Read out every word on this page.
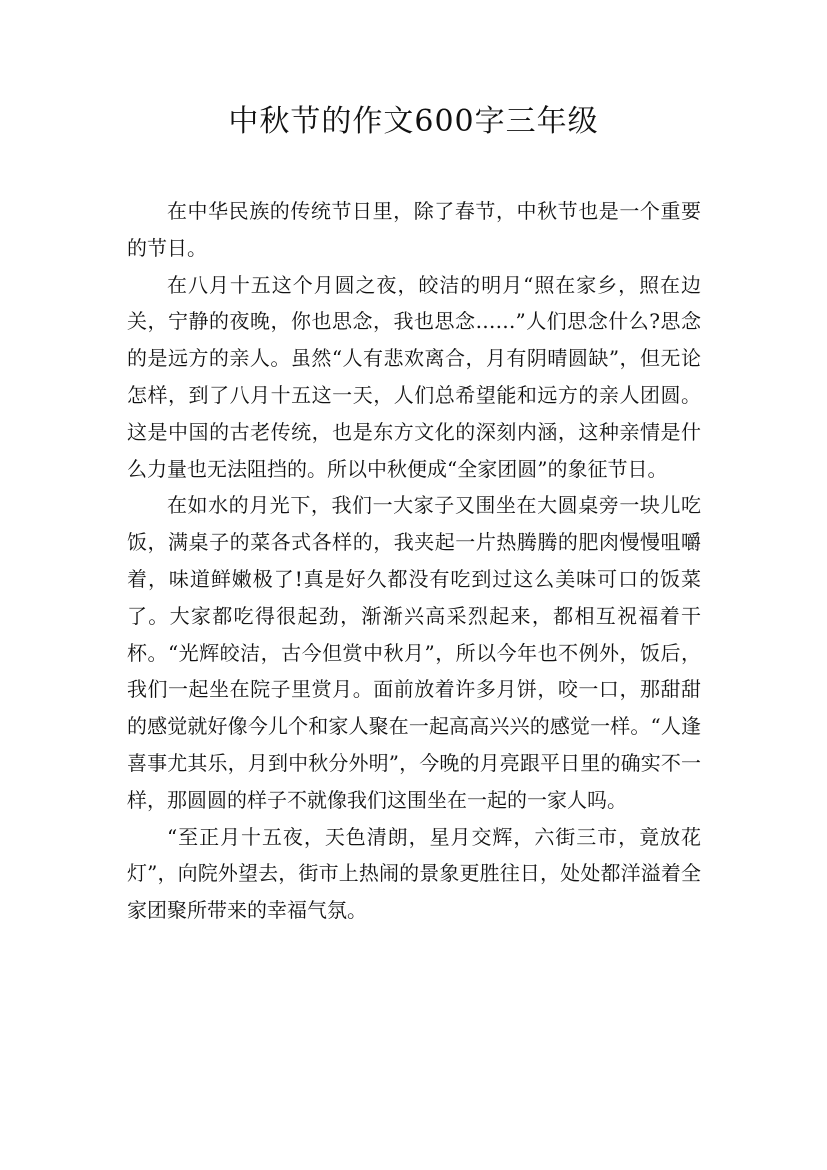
中秋节的作文600字三年级

在中华民族的传统节日里，除了春节，中秋节也是一个重要的节日。

在八月十五这个月圆之夜，皎洁的明月“照在家乡，照在边关，宁静的夜晚，你也思念，我也思念……”人们思念什么?思念的是远方的亲人。虽然“人有悲欢离合，月有阴晴圆缺”，但无论怎样，到了八月十五这一天，人们总希望能和远方的亲人团圆。这是中国的古老传统，也是东方文化的深刻内涵，这种亲情是什么力量也无法阻挡的。所以中秋便成“全家团圆”的象征节日。

在如水的月光下，我们一大家子又围坐在大圆桌旁一块儿吃饭，满桌子的菜各式各样的，我夹起一片热腾腾的肥肉慢慢咀嚼着，味道鲜嫩极了!真是好久都没有吃到过这么美味可口的饭菜了。大家都吃得很起劲，渐渐兴高采烈起来，都相互祝福着干杯。“光辉皎洁，古今但赏中秋月”，所以今年也不例外，饭后，我们一起坐在院子里赏月。面前放着许多月饼，咬一口，那甜甜的感觉就好像今儿个和家人聚在一起高高兴兴的感觉一样。“人逢喜事尤其乐，月到中秋分外明”，今晚的月亮跟平日里的确实不一样，那圆圆的样子不就像我们这围坐在一起的一家人吗。

“至正月十五夜，天色清朗，星月交辉，六街三市，竟放花灯”，向院外望去，街市上热闹的景象更胜往日，处处都洋溢着全家团聚所带来的幸福气氛。
